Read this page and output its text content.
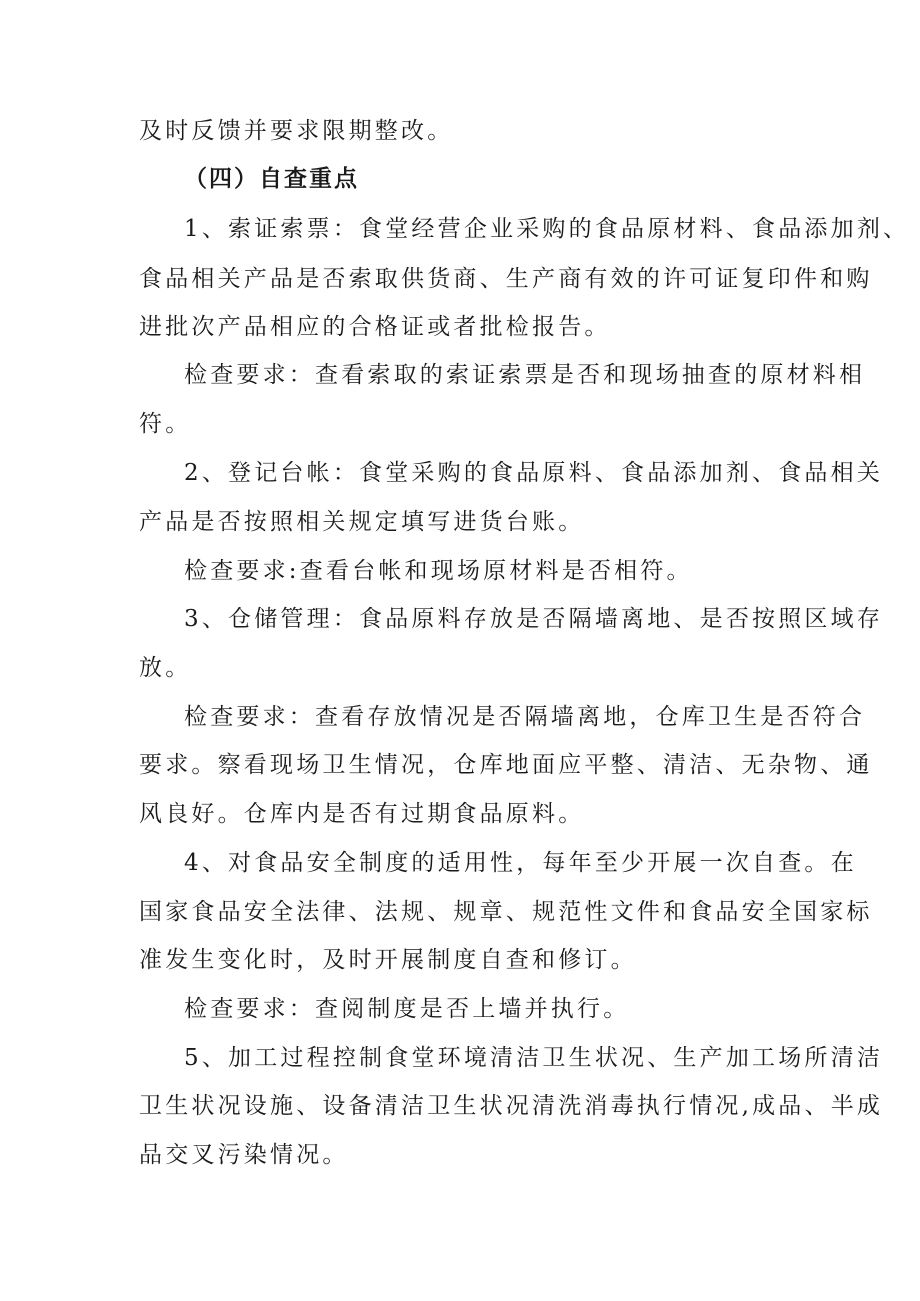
及时反馈并要求限期整改。
（四）自查重点
1、索证索票：食堂经营企业采购的食品原材料、食品添加剂、
食品相关产品是否索取供货商、生产商有效的许可证复印件和购
进批次产品相应的合格证或者批检报告。
检查要求：查看索取的索证索票是否和现场抽查的原材料相
符。
2、登记台帐：食堂采购的食品原料、食品添加剂、食品相关
产品是否按照相关规定填写进货台账。
检查要求:查看台帐和现场原材料是否相符。
3、仓储管理：食品原料存放是否隔墙离地、是否按照区域存
放。
检查要求：查看存放情况是否隔墙离地，仓库卫生是否符合
要求。察看现场卫生情况，仓库地面应平整、清洁、无杂物、通
风良好。仓库内是否有过期食品原料。
4、对食品安全制度的适用性，每年至少开展一次自查。在
国家食品安全法律、法规、规章、规范性文件和食品安全国家标
准发生变化时，及时开展制度自查和修订。
检查要求：查阅制度是否上墙并执行。
5、加工过程控制食堂环境清洁卫生状况、生产加工场所清洁
卫生状况设施、设备清洁卫生状况清洗消毒执行情况,成品、半成
品交叉污染情况。
